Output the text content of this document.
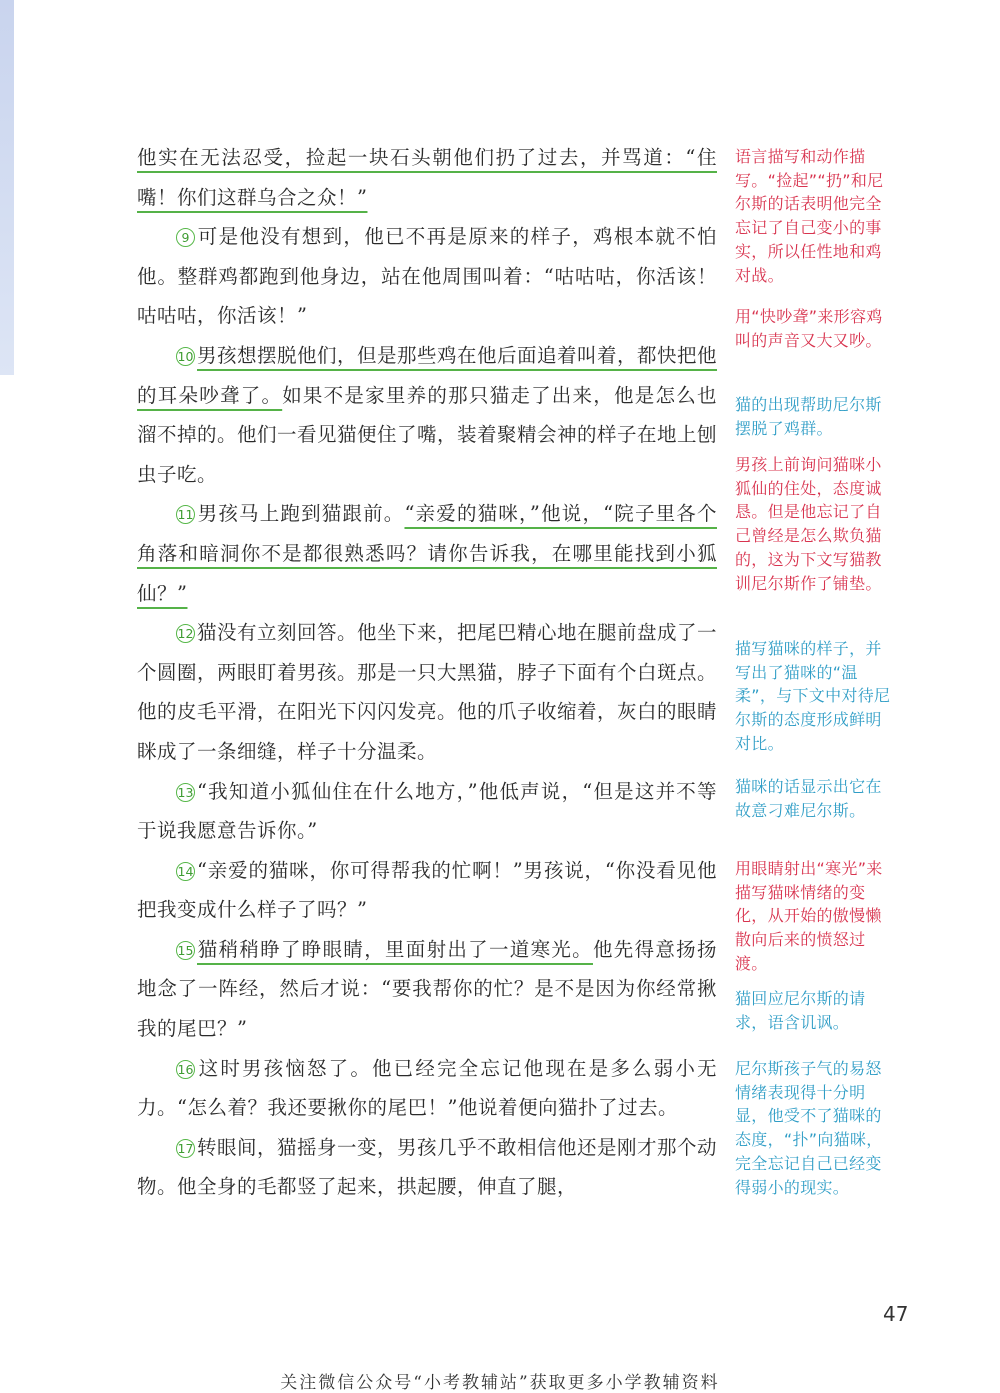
他实在无法忍受，捡起一块石头朝他们扔了过去，并骂道：“住嘴！你们这群乌合之众！”

9 可是他没有想到，他已不再是原来的样子，鸡根本就不怕他。整群鸡都跑到他身边，站在他周围叫着：“咕咕咕，你活该！咕咕咕，你活该！”

10 男孩想摆脱他们，但是那些鸡在他后面追着叫着，都快把他的耳朵吵聋了。如果不是家里养的那只猫走了出来，他是怎么也溜不掉的。他们一看见猫便住了嘴，装着聚精会神的样子在地上刨虫子吃。

11 男孩马上跑到猫跟前。“亲爱的猫咪，”他说，“院子里各个角落和暗洞你不是都很熟悉吗？请你告诉我，在哪里能找到小狐仙？”

12 猫没有立刻回答。他坐下来，把尾巴精心地在腿前盘成了一个圆圈，两眼盯着男孩。那是一只大黑猫，脖子下面有个白斑点。他的皮毛平滑，在阳光下闪闪发亮。他的爪子收缩着，灰白的眼睛眯成了一条细缝，样子十分温柔。

13 “我知道小狐仙住在什么地方，”他低声说，“但是这并不等于说我愿意告诉你。”

14 “亲爱的猫咪，你可得帮我的忙啊！”男孩说，“你没看见他把我变成什么样子了吗？”

15 猫稍稍睁了睁眼睛，里面射出了一道寒光。他先得意扬扬地念了一阵经，然后才说：“要我帮你的忙？是不是因为你经常揪我的尾巴？”

16 这时男孩恼怒了。他已经完全忘记他现在是多么弱小无力。“怎么着？我还要揪你的尾巴！”他说着便向猫扑了过去。

17 转眼间，猫摇身一变，男孩几乎不敢相信他还是刚才那个动物。他全身的毛都竖了起来，拱起腰，伸直了腿，

语言描写和动作描写。“捡起”“扔”和尼尔斯的话表明他完全忘记了自己变小的事实，所以任性地和鸡对战。

用“快吵聋”来形容鸡叫的声音又大又吵。

猫的出现帮助尼尔斯摆脱了鸡群。

男孩上前询问猫咪小狐仙的住处，态度诚恳。但是他忘记了自己曾经是怎么欺负猫的，这为下文写猫教训尼尔斯作了铺垫。

描写猫咪的样子，并写出了猫咪的“温柔”，与下文中对待尼尔斯的态度形成鲜明对比。

猫咪的话显示出它在故意刁难尼尔斯。

用眼睛射出“寒光”来描写猫咪情绪的变化，从开始的傲慢懒散向后来的愤怒过渡。

猫回应尼尔斯的请求，语含讥讽。

尼尔斯孩子气的易怒情绪表现得十分明显，他受不了猫咪的态度，“扑”向猫咪，完全忘记自己已经变得弱小的现实。

47
关注微信公众号“小考教辅站”获取更多小学教辅资料
